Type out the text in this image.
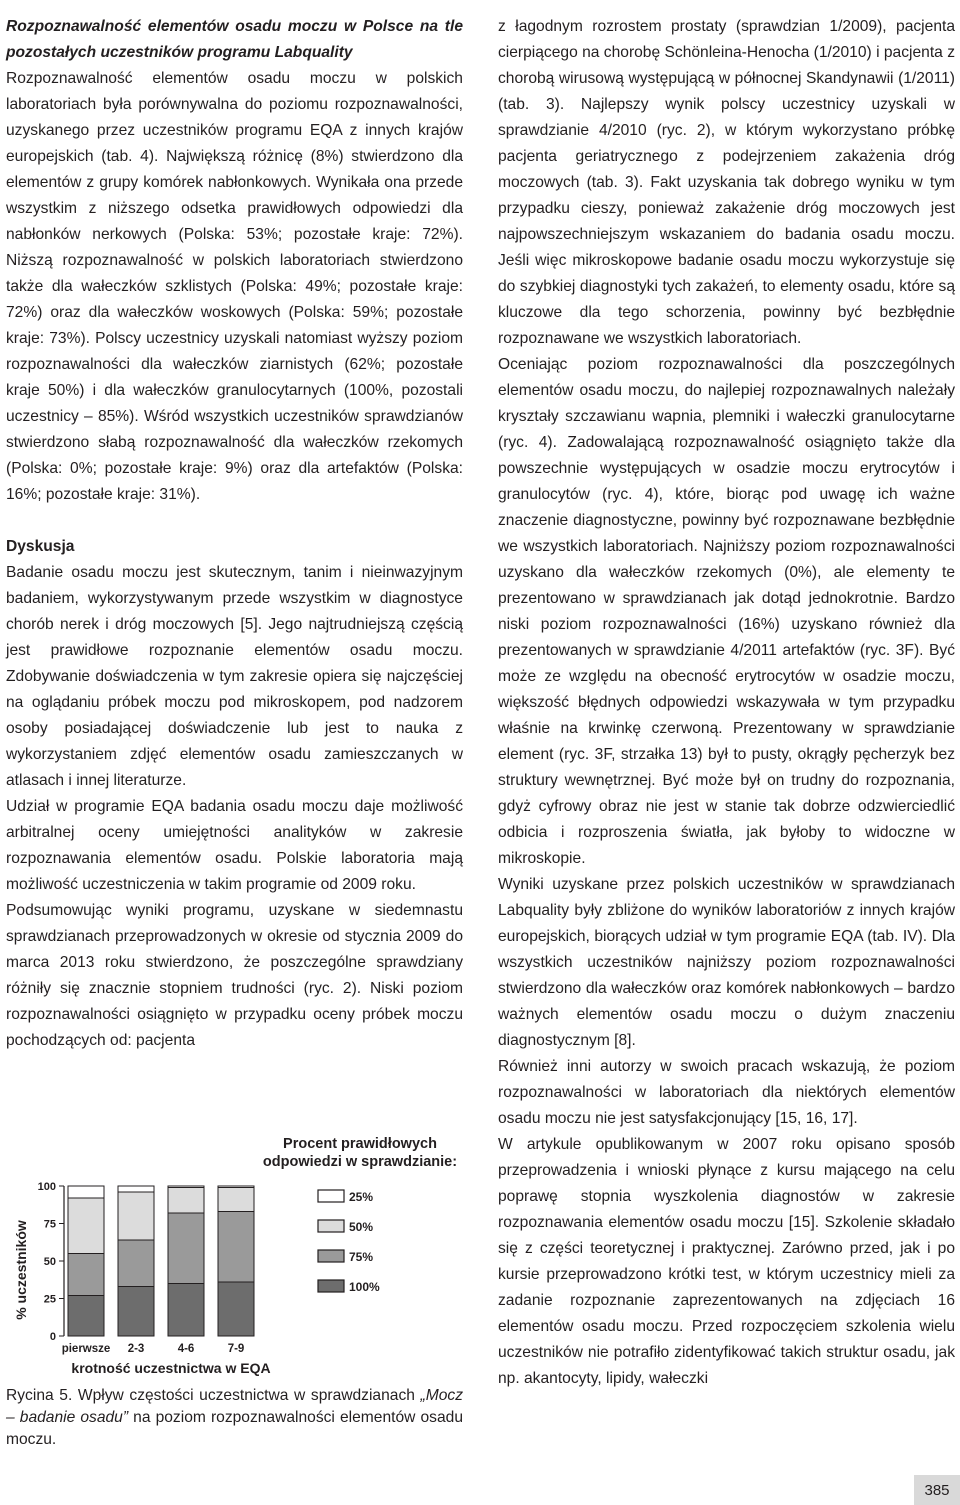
Rozpoznawalność elementów osadu moczu w Polsce na tle pozostałych uczestników programu Labquality

Rozpoznawalność elementów osadu moczu w polskich laboratoriach była porównywalna do poziomu rozpoznawalności, uzyskanego przez uczestników programu EQA z innych krajów europejskich (tab. 4). Największą różnicę (8%) stwierdzono dla elementów z grupy komórek nabłonkowych. Wynikała ona przede wszystkim z niższego odsetka prawidłowych odpowiedzi dla nabłonków nerkowych (Polska: 53%; pozostałe kraje: 72%). Niższą rozpoznawalność w polskich laboratoriach stwierdzono także dla wałeczków szklistych (Polska: 49%; pozostałe kraje: 72%) oraz dla wałeczków woskowych (Polska: 59%; pozostałe kraje: 73%). Polscy uczestnicy uzyskali natomiast wyższy poziom rozpoznawalności dla wałeczków ziarnistych (62%; pozostałe kraje 50%) i dla wałeczków granulocytarnych (100%, pozostali uczestnicy – 85%). Wśród wszystkich uczestników sprawdzianów stwierdzono słabą rozpoznawalność dla wałeczków rzekomych (Polska: 0%; pozostałe kraje: 9%) oraz dla artefaktów (Polska: 16%; pozostałe kraje: 31%).

Dyskusja

Badanie osadu moczu jest skutecznym, tanim i nieinwazyjnym badaniem, wykorzystywanym przede wszystkim w diagnostyce chorób nerek i dróg moczowych [5]. Jego najtrudniejszą częścią jest prawidłowe rozpoznanie elementów osadu moczu. Zdobywanie doświadczenia w tym zakresie opiera się najczęściej na oglądaniu próbek moczu pod mikroskopem, pod nadzorem osoby posiadającej doświadczenie lub jest to nauka z wykorzystaniem zdjęć elementów osadu zamieszczanych w atlasach i innej literaturze.

Udział w programie EQA badania osadu moczu daje możliwość arbitralnej oceny umiejętności analityków w zakresie rozpoznawania elementów osadu. Polskie laboratoria mają możliwość uczestniczenia w takim programie od 2009 roku.

Podsumowując wyniki programu, uzyskane w siedemnastu sprawdzianach przeprowadzonych w okresie od stycznia 2009 do marca 2013 roku stwierdzono, że poszczególne sprawdziany różniły się znacznie stopniem trudności (ryc. 2). Niski poziom rozpoznawalności osiągnięto w przypadku oceny próbek moczu pochodzących od: pacjenta

0
25
50
75
100
pierwsze 2-3	4-6	7-9
25%
50%
75%
100%
Procent prawidłowych
odpowiedzi w sprawdzianie:
% uczestników
krotność uczestnictwa w EQA
Rycina 5. Wpływ częstości uczestnictwa w sprawdzianach „Mocz – badanie osadu” na poziom rozpoznawalności elementów osadu moczu.

z łagodnym rozrostem prostaty (sprawdzian 1/2009), pacjenta cierpiącego na chorobę Schönleina-Henocha (1/2010) i pacjenta z chorobą wirusową występującą w północnej Skandynawii (1/2011) (tab. 3). Najlepszy wynik polscy uczestnicy uzyskali w sprawdzianie 4/2010 (ryc. 2), w którym wykorzystano próbkę pacjenta geriatrycznego z podejrzeniem zakażenia dróg moczowych (tab. 3). Fakt uzyskania tak dobrego wyniku w tym przypadku cieszy, ponieważ zakażenie dróg moczowych jest najpowszechniejszym wskazaniem do badania osadu moczu. Jeśli więc mikroskopowe badanie osadu moczu wykorzystuje się do szybkiej diagnostyki tych zakażeń, to elementy osadu, które są kluczowe dla tego schorzenia, powinny być bezbłędnie rozpoznawane we wszystkich laboratoriach.

Oceniając poziom rozpoznawalności dla poszczególnych elementów osadu moczu, do najlepiej rozpoznawalnych należały kryształy szczawianu wapnia, plemniki i wałeczki granulocytarne (ryc. 4). Zadowalającą rozpoznawalność osiągnięto także dla powszechnie występujących w osadzie moczu erytrocytów i granulocytów (ryc. 4), które, biorąc pod uwagę ich ważne znaczenie diagnostyczne, powinny być rozpoznawane bezbłędnie we wszystkich laboratoriach. Najniższy poziom rozpoznawalności uzyskano dla wałeczków rzekomych (0%), ale elementy te prezentowano w sprawdzianach jak dotąd jednokrotnie. Bardzo niski poziom rozpoznawalności (16%) uzyskano również dla prezentowanych w sprawdzianie 4/2011 artefaktów (ryc. 3F). Być może ze względu na obecność erytrocytów w osadzie moczu, większość błędnych odpowiedzi wskazywała w tym przypadku właśnie na krwinkę czerwoną. Prezentowany w sprawdzianie element (ryc. 3F, strzałka 13) był to pusty, okrągły pęcherzyk bez struktury wewnętrznej. Być może był on trudny do rozpoznania, gdyż cyfrowy obraz nie jest w stanie tak dobrze odzwierciedlić odbicia i rozproszenia światła, jak byłoby to widoczne w mikroskopie.

Wyniki uzyskane przez polskich uczestników w sprawdzianach Labquality były zbliżone do wyników laboratoriów z innych krajów europejskich, biorących udział w tym programie EQA (tab. IV). Dla wszystkich uczestników najniższy poziom rozpoznawalności stwierdzono dla wałeczków oraz komórek nabłonkowych – bardzo ważnych elementów osadu moczu o dużym znaczeniu diagnostycznym [8].

Również inni autorzy w swoich pracach wskazują, że poziom rozpoznawalności w laboratoriach dla niektórych elementów osadu moczu nie jest satysfakcjonujący [15, 16, 17].

W artykule opublikowanym w 2007 roku opisano sposób przeprowadzenia i wnioski płynące z kursu mającego na celu poprawę stopnia wyszkolenia diagnostów w zakresie rozpoznawania elementów osadu moczu [15]. Szkolenie składało się z części teoretycznej i praktycznej. Zarówno przed, jak i po kursie przeprowadzono krótki test, w którym uczestnicy mieli za zadanie rozpoznanie zaprezentowanych na zdjęciach 16 elementów osadu moczu. Przed rozpoczęciem szkolenia wielu uczestników nie potrafiło zidentyfikować takich struktur osadu, jak np. akantocyty, lipidy, wałeczki

385
